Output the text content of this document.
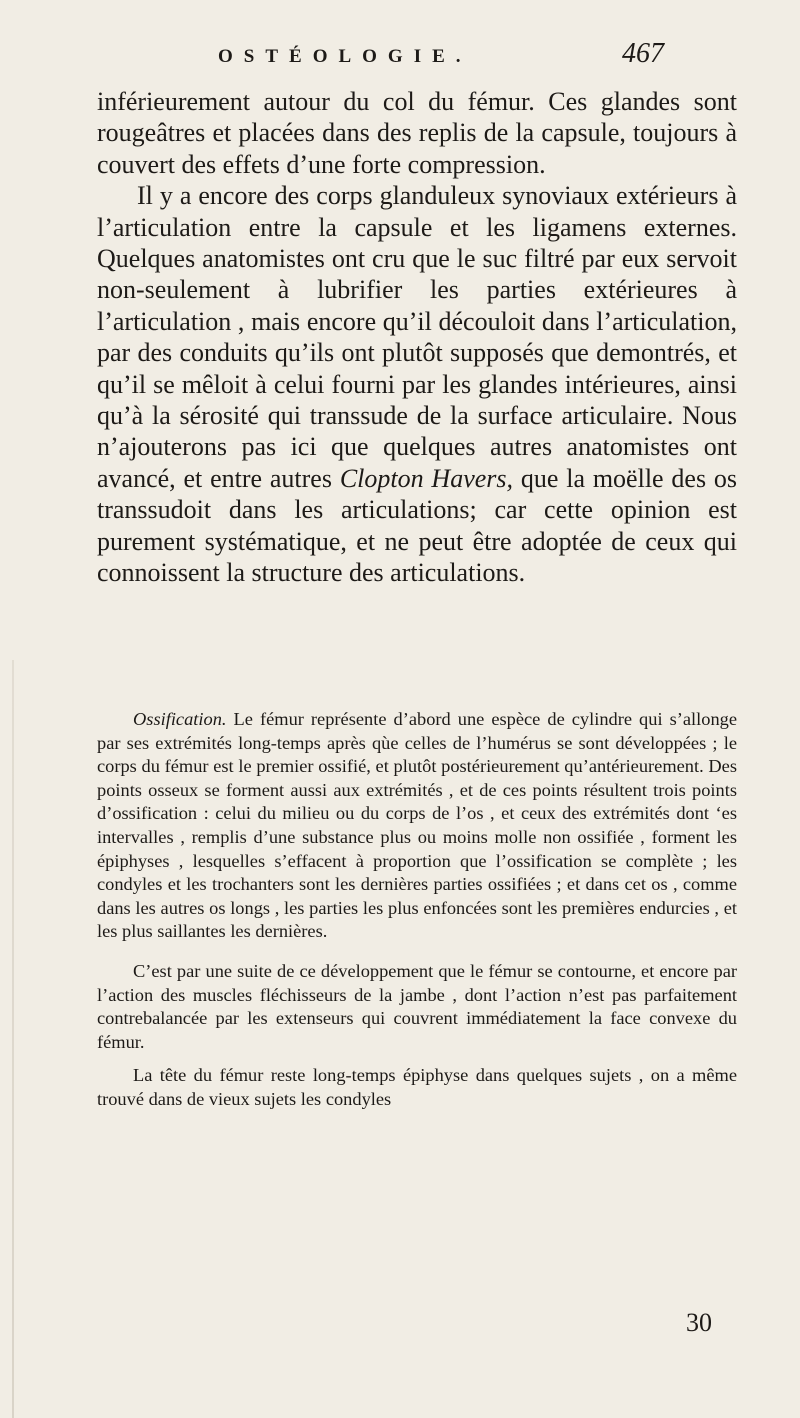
OSTÉOLOGIE.	467

inférieurement autour du col du fémur. Ces glandes sont rougeâtres et placées dans des replis de la capsule, toujours à couvert des effets d’une forte compression.

Il y a encore des corps glanduleux synoviaux extérieurs à l’articulation entre la capsule et les ligamens externes. Quelques anatomistes ont cru que le suc filtré par eux servoit non-seulement à lubrifier les parties extérieures à l’articulation , mais encore qu’il découloit dans l’articulation, par des conduits qu’ils ont plutôt supposés que demontrés, et qu’il se mêloit à celui fourni par les glandes intérieures, ainsi qu’à la sérosité qui transsude de la surface articulaire. Nous n’ajouterons pas ici que quelques autres anatomistes ont avancé, et entre autres Clopton Havers, que la moëlle des os transsudoit dans les articulations; car cette opinion est purement systématique, et ne peut être adoptée de ceux qui connoissent la structure des articulations.

Ossification. Le fémur représente d’abord une espèce de cylindre qui s’allonge par ses extrémités long-temps après qùe celles de l’humérus se sont développées ; le corps du fémur est le premier ossifié, et plutôt postérieurement qu’antérieurement. Des points osseux se forment aussi aux extrémités , et de ces points résultent trois points d’ossification : celui du milieu ou du corps de l’os , et ceux des extrémités dont ‘es intervalles , remplis d’une substance plus ou moins molle non ossifiée , forment les épiphyses , lesquelles s’effacent à proportion que l’ossification se complète ; les condyles et les trochanters sont les dernières parties ossifiées ; et dans cet os , comme dans les autres os longs , les parties les plus enfoncées sont les premières endurcies , et les plus saillantes les dernières.

C’est par une suite de ce développement que le fémur se contourne, et encore par l’action des muscles fléchisseurs de la jambe , dont l’action n’est pas parfaitement contrebalancée par les extenseurs qui couvrent immédiatement la face convexe du fémur.

La tête du fémur reste long-temps épiphyse dans quelques sujets , on a même trouvé dans de vieux sujets les condyles

30
